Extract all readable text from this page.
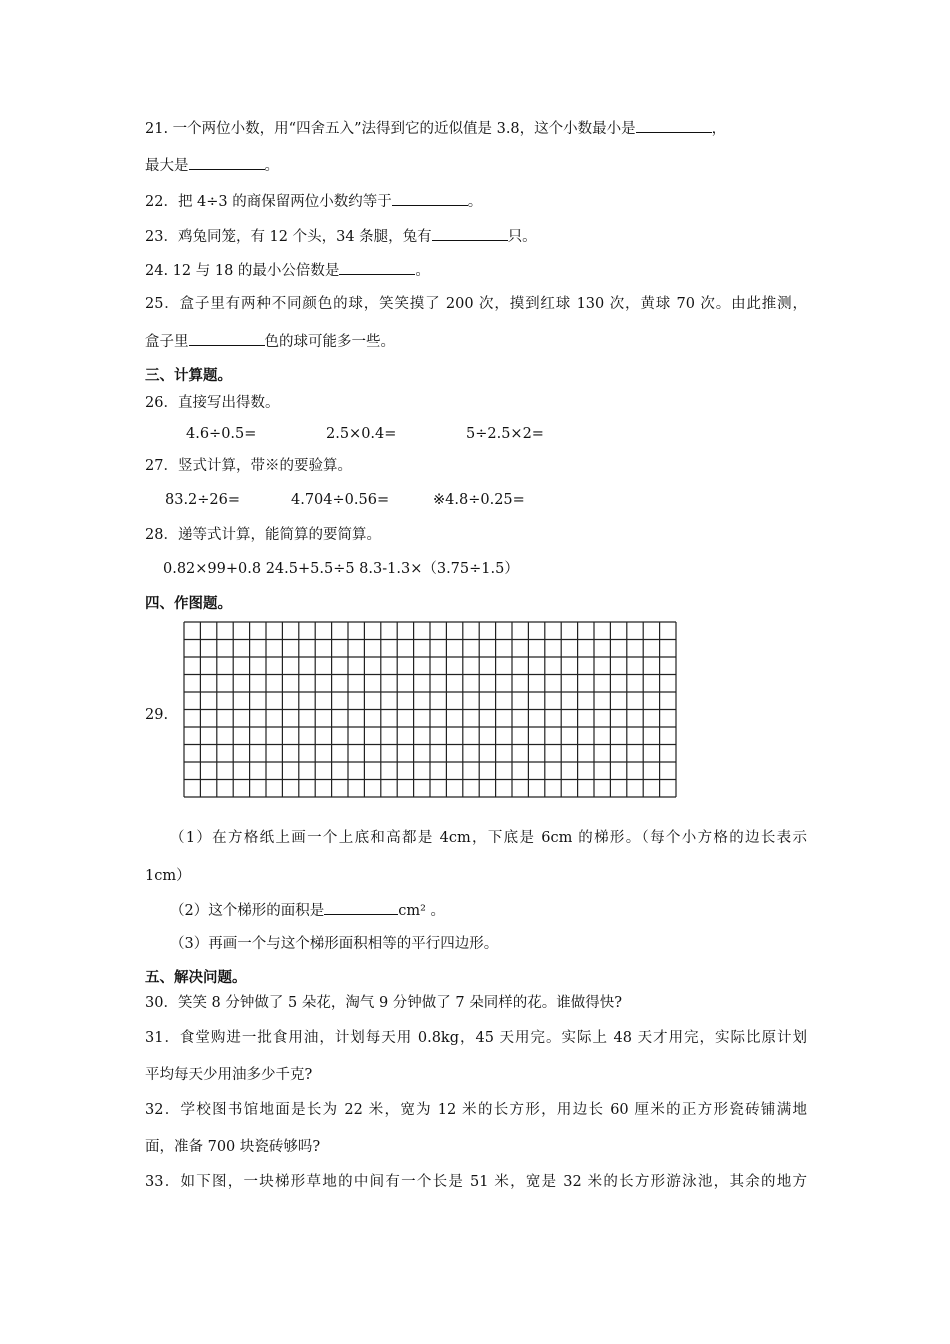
21. 一个两位小数，用“四舍五入”法得到它的近似值是 3.8，这个小数最小是	，
最大是	。
22．把 4÷3 的商保留两位小数约等于	。
23．鸡兔同笼，有 12 个头，34 条腿，兔有	只。
24. 12 与 18 的最小公倍数是	。
25．盒子里有两种不同颜色的球，笑笑摸了 200 次，摸到红球 130 次，黄球 70 次。由此推测，
盒子里	色的球可能多一些。
三、计算题。
26．直接写出得数。
4.6÷0.5=	2.5×0.4=	5÷2.5×2=
27．竖式计算，带※的要验算。
83.2÷26=	4.704÷0.56=	※4.8÷0.25=
28．递等式计算，能简算的要简算。
0.82×99+0.8 24.5+5.5÷5 8.3-1.3×（3.75÷1.5）
四、作图题。
29.
（1）在方格纸上画一个上底和高都是 4cm，下底是 6cm 的梯形。（每个小方格的边长表示
1cm）
（2）这个梯形的面积是	cm² 。
（3）再画一个与这个梯形面积相等的平行四边形。
五、解决问题。
30．笑笑 8 分钟做了 5 朵花，淘气 9 分钟做了 7 朵同样的花。谁做得快?
31．食堂购进一批食用油，计划每天用 0.8kg，45 天用完。实际上 48 天才用完，实际比原计划
平均每天少用油多少千克?
32．学校图书馆地面是长为 22 米，宽为 12 米的长方形，用边长 60 厘米的正方形瓷砖铺满地
面，准备 700 块瓷砖够吗?
33．如下图，一块梯形草地的中间有一个长是 51 米，宽是 32 米的长方形游泳池，其余的地方
